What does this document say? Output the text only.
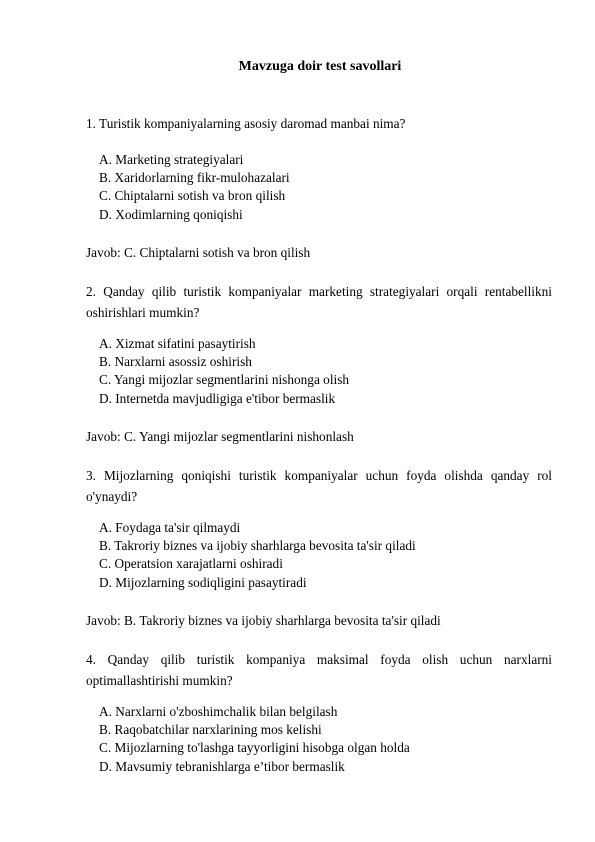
Mavzuga doir test savollari
1. Turistik kompaniyalarning asosiy daromad manbai nima?
A. Marketing strategiyalari
B. Xaridorlarning fikr-mulohazalari
C. Chiptalarni sotish va bron qilish
D. Xodimlarning qoniqishi
Javob: C. Chiptalarni sotish va bron qilish
2. Qanday qilib turistik kompaniyalar marketing strategiyalari orqali rentabellikni oshirishlari mumkin?
A. Xizmat sifatini pasaytirish
B. Narxlarni asossiz oshirish
C. Yangi mijozlar segmentlarini nishonga olish
D. Internetda mavjudligiga e'tibor bermaslik
Javob: C. Yangi mijozlar segmentlarini nishonlash
3. Mijozlarning qoniqishi turistik kompaniyalar uchun foyda olishda qanday rol o'ynaydi?
A. Foydaga ta'sir qilmaydi
B. Takroriy biznes va ijobiy sharhlarga bevosita ta'sir qiladi
C. Operatsion xarajatlarni oshiradi
D. Mijozlarning sodiqligini pasaytiradi
Javob: B. Takroriy biznes va ijobiy sharhlarga bevosita ta'sir qiladi
4. Qanday qilib turistik kompaniya maksimal foyda olish uchun narxlarni optimallashtirishi mumkin?
A. Narxlarni o'zboshimchalik bilan belgilash
B. Raqobatchilar narxlarining mos kelishi
C. Mijozlarning to'lashga tayyorligini hisobga olgan holda
D. Mavsumiy tebranishlarga e’tibor bermaslik
